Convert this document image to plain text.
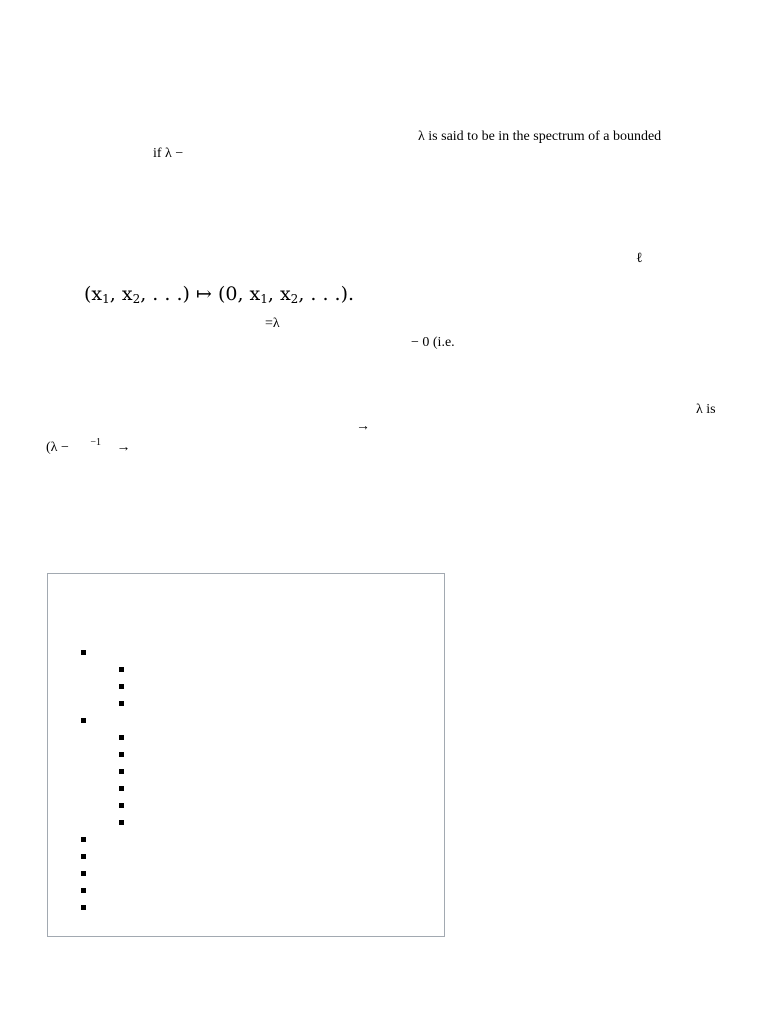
λ is said to be in the spectrum of a bounded
if λ −
ℓ
($x_1$, $x_2$, . . .) ↦ (0, $x_1$, $x_2$, . . .).
=λ
− 0 (i.e.
λ is
→
(λ − $^{-1}$ →
